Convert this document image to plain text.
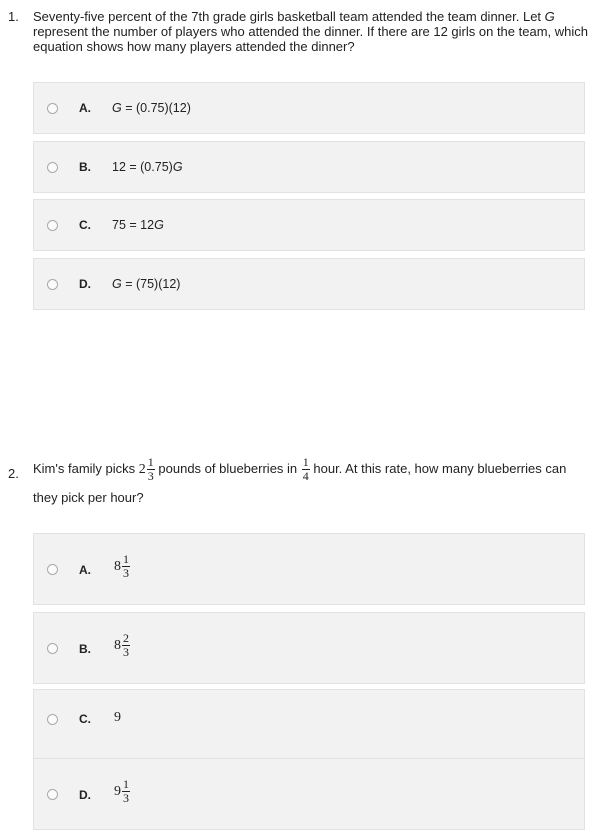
1. Seventy-five percent of the 7th grade girls basketball team attended the team dinner. Let G represent the number of players who attended the dinner. If there are 12 girls on the team, which equation shows how many players attended the dinner?
A. G = (0.75)(12)
B. 12 = (0.75)G
C. 75 = 12G
D. G = (75)(12)
2. Kim's family picks $2 \frac{1}{3}$ pounds of blueberries in $\frac{1}{4}$ hour. At this rate, how many blueberries can they pick per hour?
A. $8 \frac{1}{3}$
B. $8 \frac{2}{3}$
C. 9
D. $9 \frac{1}{3}$
